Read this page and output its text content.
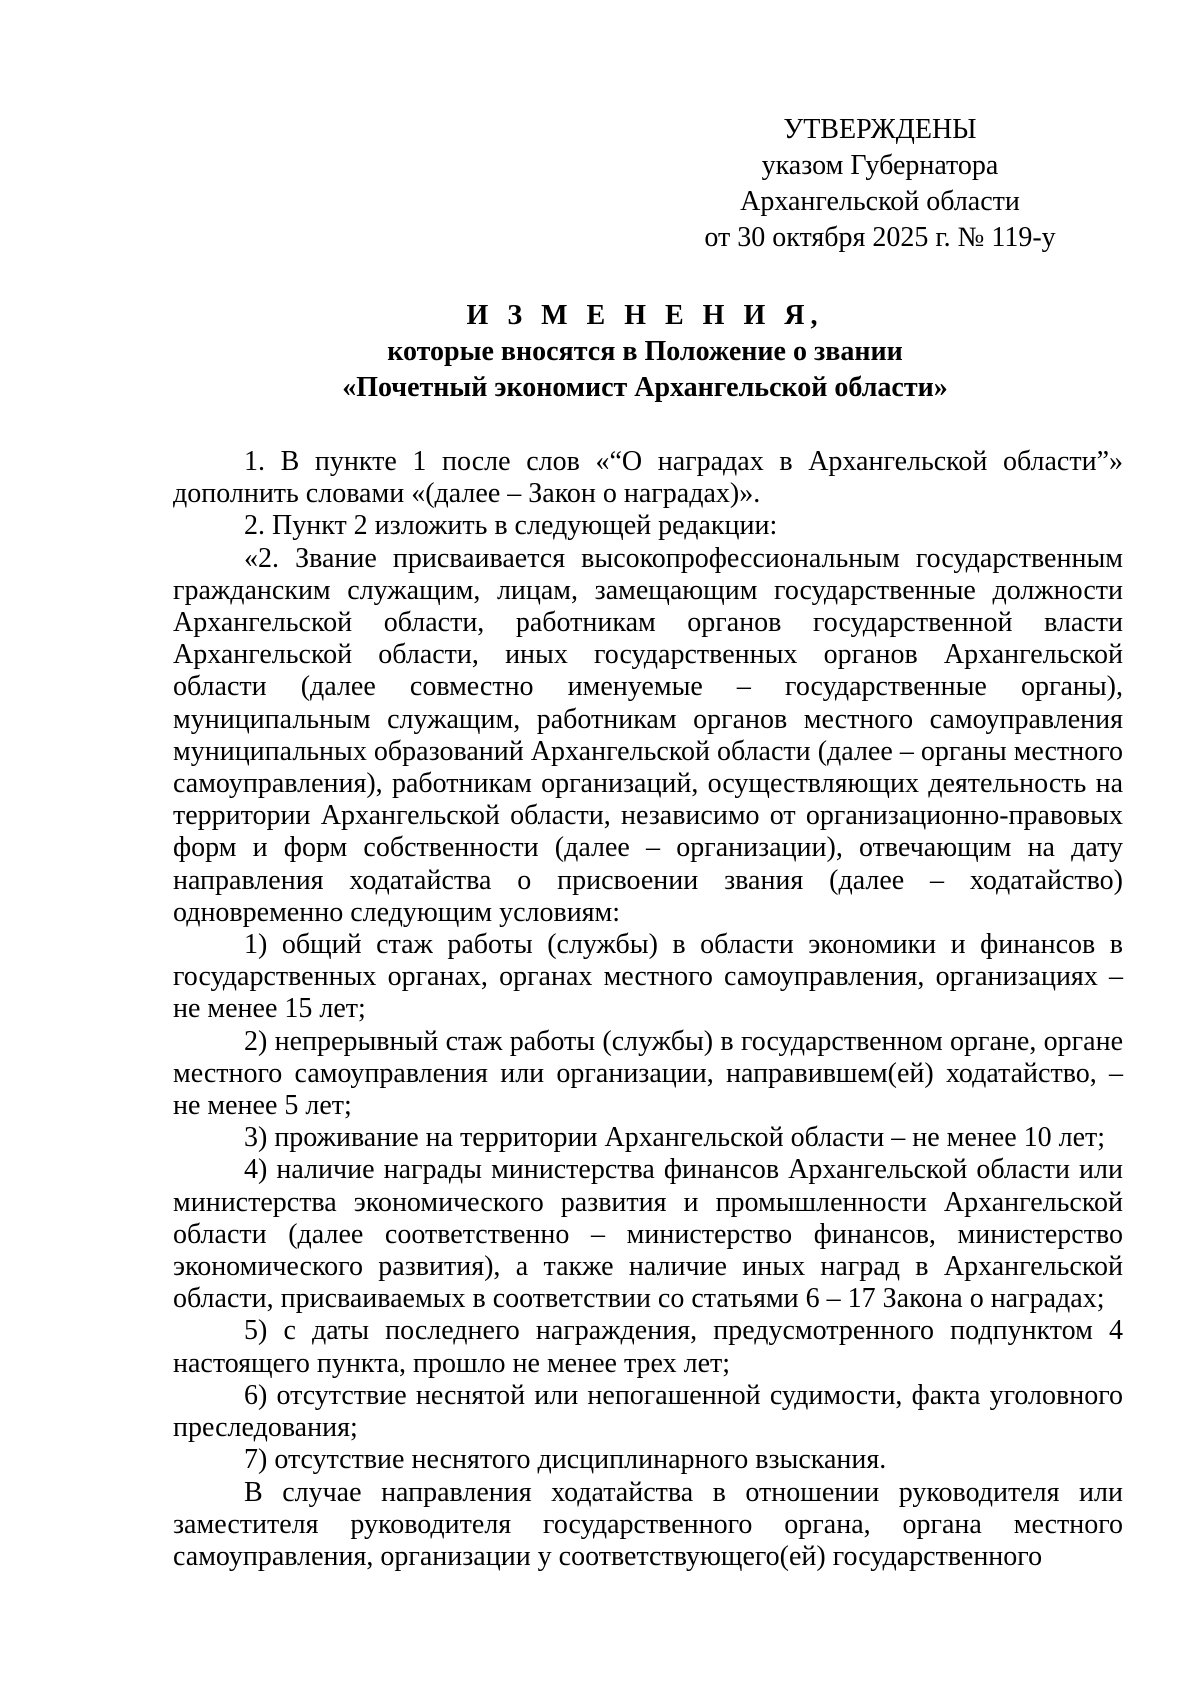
УТВЕРЖДЕНЫ
указом Губернатора
Архангельской области
от 30 октября 2025 г. № 119-у
И З М Е Н Е Н И Я,
которые вносятся в Положение о звании
«Почетный экономист Архангельской области»

1. В пункте 1 после слов «“О наградах в Архангельской области”» дополнить словами «(далее – Закон о наградах)».

2. Пункт 2 изложить в следующей редакции:

«2. Звание присваивается высокопрофессиональным государственным гражданским служащим, лицам, замещающим государственные должности Архангельской области, работникам органов государственной власти Архангельской области, иных государственных органов Архангельской области (далее совместно именуемые – государственные органы), муниципальным служащим, работникам органов местного самоуправления муниципальных образований Архангельской области (далее – органы местного самоуправления), работникам организаций, осуществляющих деятельность на территории Архангельской области, независимо от организационно-правовых форм и форм собственности (далее – организации), отвечающим на дату направления ходатайства о присвоении звания (далее – ходатайство) одновременно следующим условиям:

1) общий стаж работы (службы) в области экономики и финансов в государственных органах, органах местного самоуправления, организациях – не менее 15 лет;

2) непрерывный стаж работы (службы) в государственном органе, органе местного самоуправления или организации, направившем(ей) ходатайство, – не менее 5 лет;

3) проживание на территории Архангельской области – не менее 10 лет;

4) наличие награды министерства финансов Архангельской области или министерства экономического развития и промышленности Архангельской области (далее соответственно – министерство финансов, министерство экономического развития), а также наличие иных наград в Архангельской области, присваиваемых в соответствии со статьями 6 – 17 Закона о наградах;

5) с даты последнего награждения, предусмотренного подпунктом 4 настоящего пункта, прошло не менее трех лет;

6) отсутствие неснятой или непогашенной судимости, факта уголовного преследования;

7) отсутствие неснятого дисциплинарного взыскания.

В случае направления ходатайства в отношении руководителя или заместителя руководителя государственного органа, органа местного самоуправления, организации у соответствующего(ей) государственного
